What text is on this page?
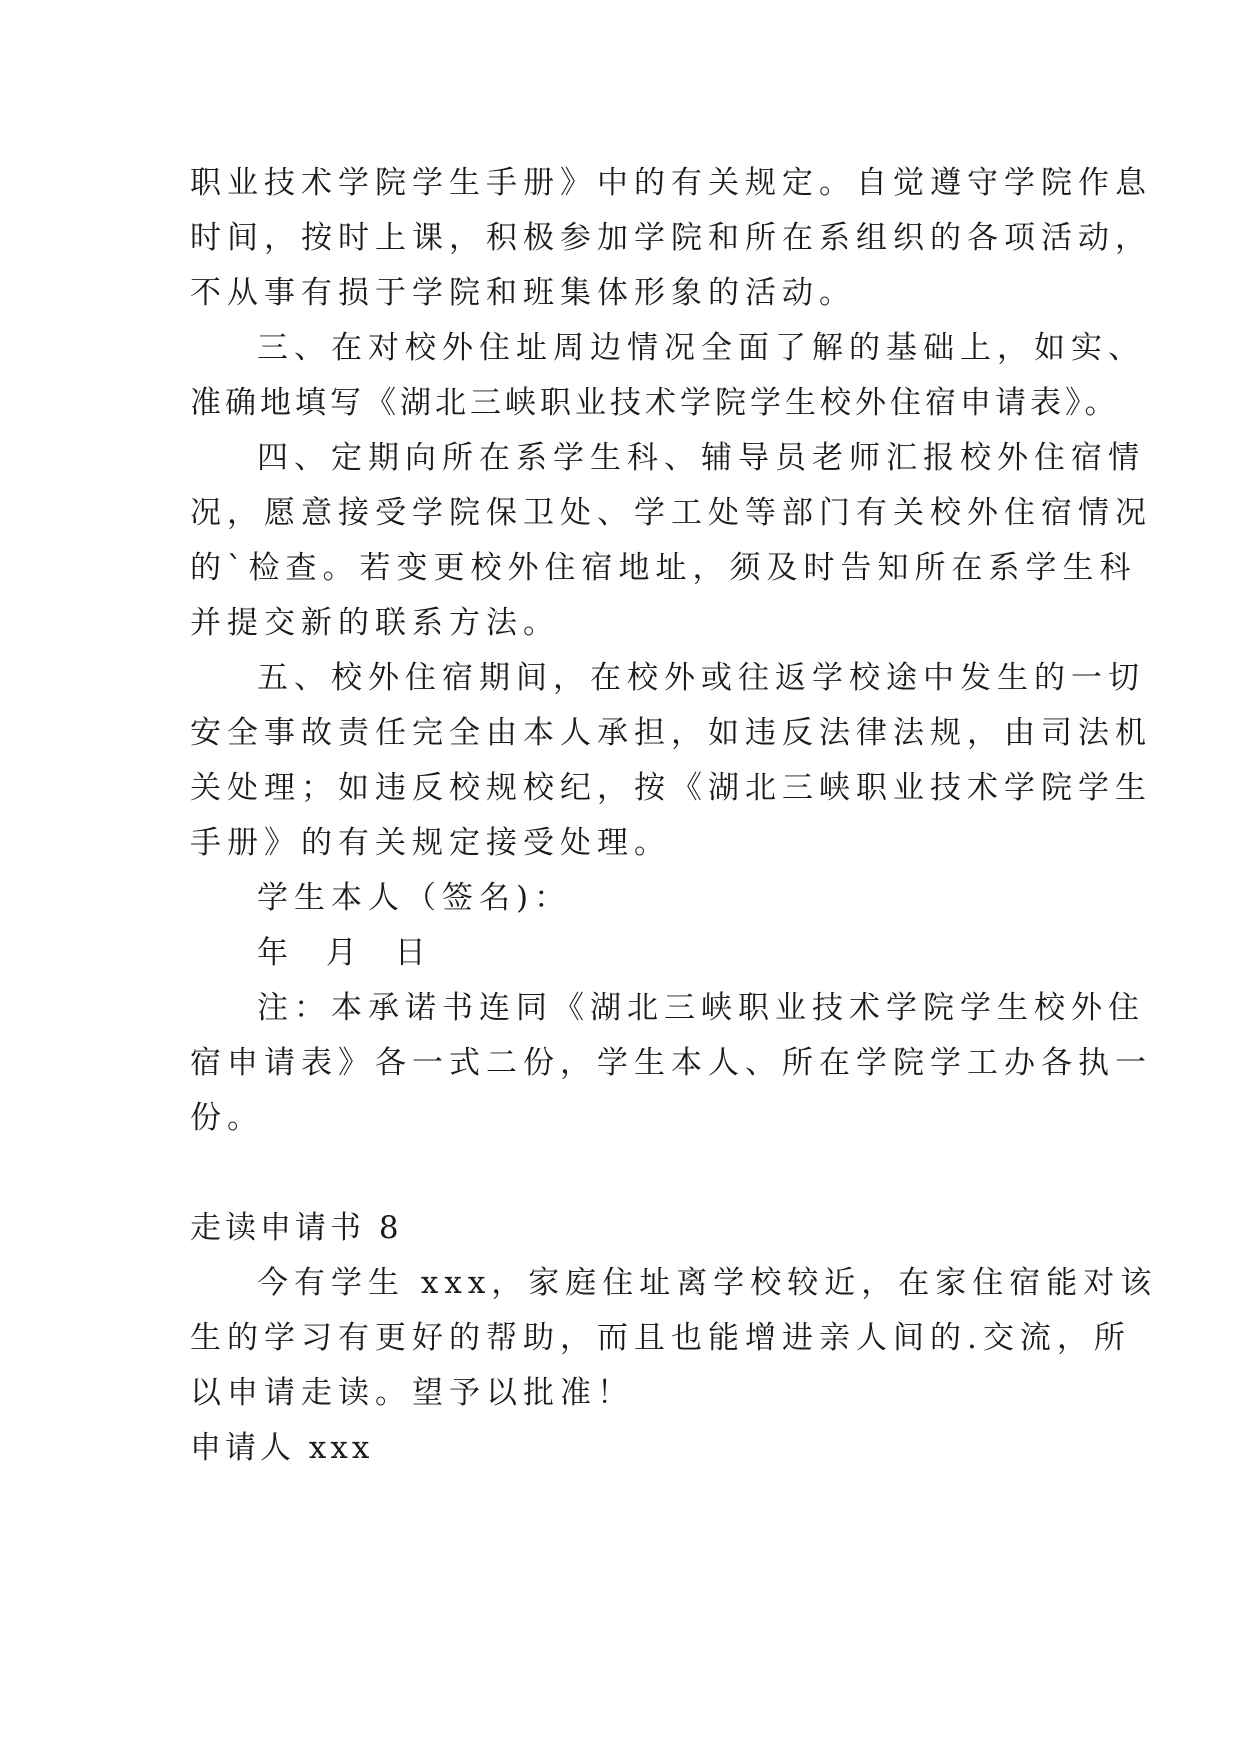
职业技术学院学生手册》中的有关规定。自觉遵守学院作息
时间，按时上课，积极参加学院和所在系组织的各项活动，
不从事有损于学院和班集体形象的活动。
三、在对校外住址周边情况全面了解的基础上，如实、
准确地填写《湖北三峡职业技术学院学生校外住宿申请表》。
四、定期向所在系学生科、辅导员老师汇报校外住宿情
况，愿意接受学院保卫处、学工处等部门有关校外住宿情况
的`检查。若变更校外住宿地址，须及时告知所在系学生科
并提交新的联系方法。
五、校外住宿期间，在校外或往返学校途中发生的一切
安全事故责任完全由本人承担，如违反法律法规，由司法机
关处理；如违反校规校纪，按《湖北三峡职业技术学院学生
手册》的有关规定接受处理。
学生本人（签名)：
年 月 日
注：本承诺书连同《湖北三峡职业技术学院学生校外住
宿申请表》各一式二份，学生本人、所在学院学工办各执一
份。
走读申请书 8
今有学生 xxx，家庭住址离学校较近，在家住宿能对该
生的学习有更好的帮助，而且也能增进亲人间的.交流，所
以申请走读。望予以批准！
申请人 xxx
